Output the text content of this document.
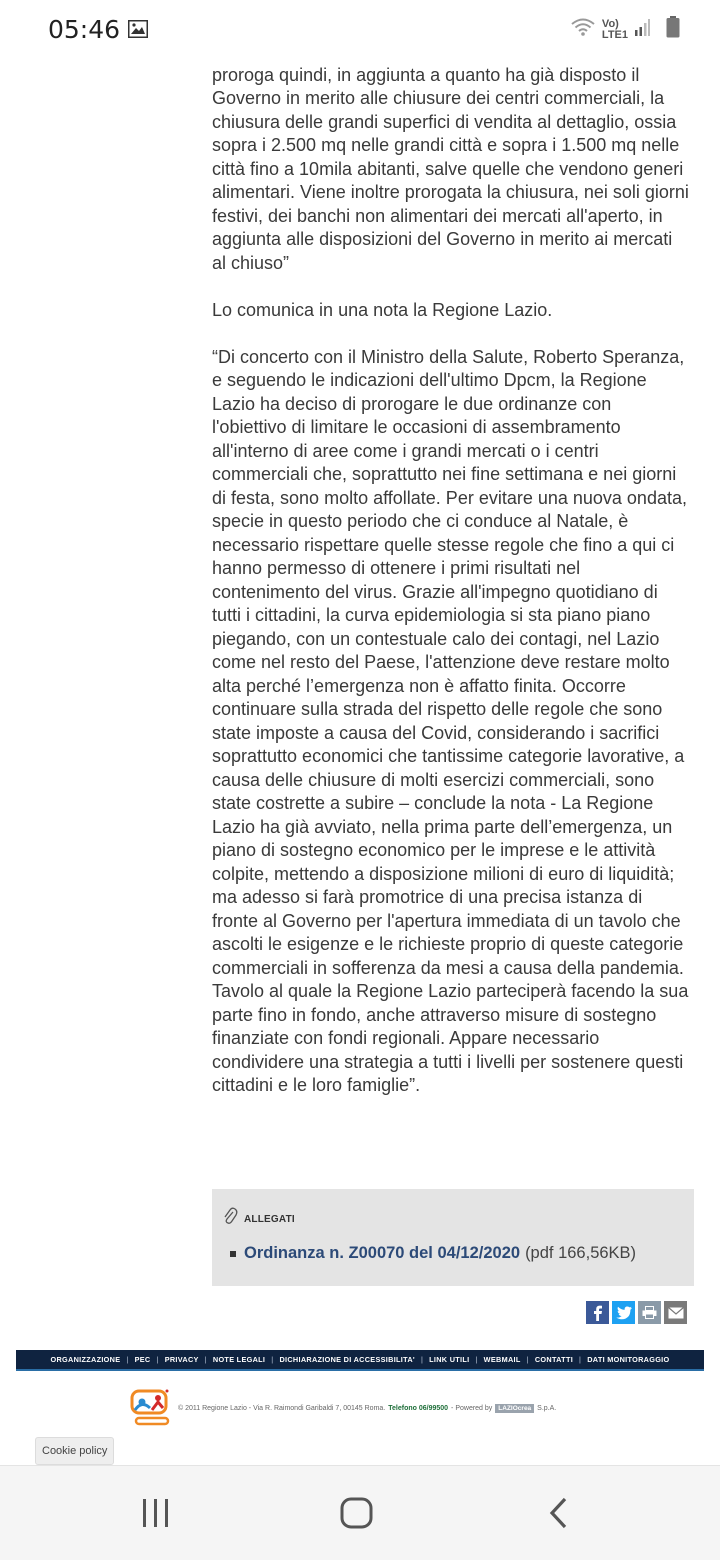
proroga quindi, in aggiunta a quanto ha già disposto il Governo in merito alle chiusure dei centri commerciali, la chiusura delle grandi superfici di vendita al dettaglio, ossia sopra i 2.500 mq nelle grandi città e sopra i 1.500 mq nelle città fino a 10mila abitanti, salve quelle che vendono generi alimentari. Viene inoltre prorogata la chiusura, nei soli giorni festivi, dei banchi non alimentari dei mercati all'aperto, in aggiunta alle disposizioni del Governo in merito ai mercati al chiuso”

Lo comunica in una nota la Regione Lazio.

“Di concerto con il Ministro della Salute, Roberto Speranza, e seguendo le indicazioni dell'ultimo Dpcm, la Regione Lazio ha deciso di prorogare le due ordinanze con l'obiettivo di limitare le occasioni di assembramento all'interno di aree come i grandi mercati o i centri commerciali che, soprattutto nei fine settimana e nei giorni di festa, sono molto affollate. Per evitare una nuova ondata, specie in questo periodo che ci conduce al Natale, è necessario rispettare quelle stesse regole che fino a qui ci hanno permesso di ottenere i primi risultati nel contenimento del virus. Grazie all'impegno quotidiano di tutti i cittadini, la curva epidemiologia si sta piano piano piegando, con un contestuale calo dei contagi, nel Lazio come nel resto del Paese, l'attenzione deve restare molto alta perché l’emergenza non è affatto finita. Occorre continuare sulla strada del rispetto delle regole che sono state imposte a causa del Covid, considerando i sacrifici soprattutto economici che tantissime categorie lavorative, a causa delle chiusure di molti esercizi commerciali, sono state costrette a subire – conclude la nota - La Regione Lazio ha già avviato, nella prima parte dell’emergenza, un piano di sostegno economico per le imprese e le attività colpite, mettendo a disposizione milioni di euro di liquidità; ma adesso si farà promotrice di una precisa istanza di fronte al Governo per l'apertura immediata di un tavolo che ascolti le esigenze e le richieste proprio di queste categorie commerciali in sofferenza da mesi a causa della pandemia. Tavolo al quale la Regione Lazio parteciperà facendo la sua parte fino in fondo, anche attraverso misure di sostegno finanziate con fondi regionali. Appare necessario condividere una strategia a tutti i livelli per sostenere questi cittadini e le loro famiglie”.

ALLEGATI
Ordinanza n. Z00070 del 04/12/2020 (pdf 166,56KB)
ORGANIZZAZIONE | PEC | PRIVACY | NOTE LEGALI | DICHIARAZIONE DI ACCESSIBILITA' | LINK UTILI | WEBMAIL | CONTATTI | DATI MONITORAGGIO
© 2011 Regione Lazio - Via R. Raimondi Garibaldi 7, 00145 Roma. Telefono 06/99500 - Powered by LAZIOcrea S.p.A.
Cookie policy
05:46	Vo)
LTE1
